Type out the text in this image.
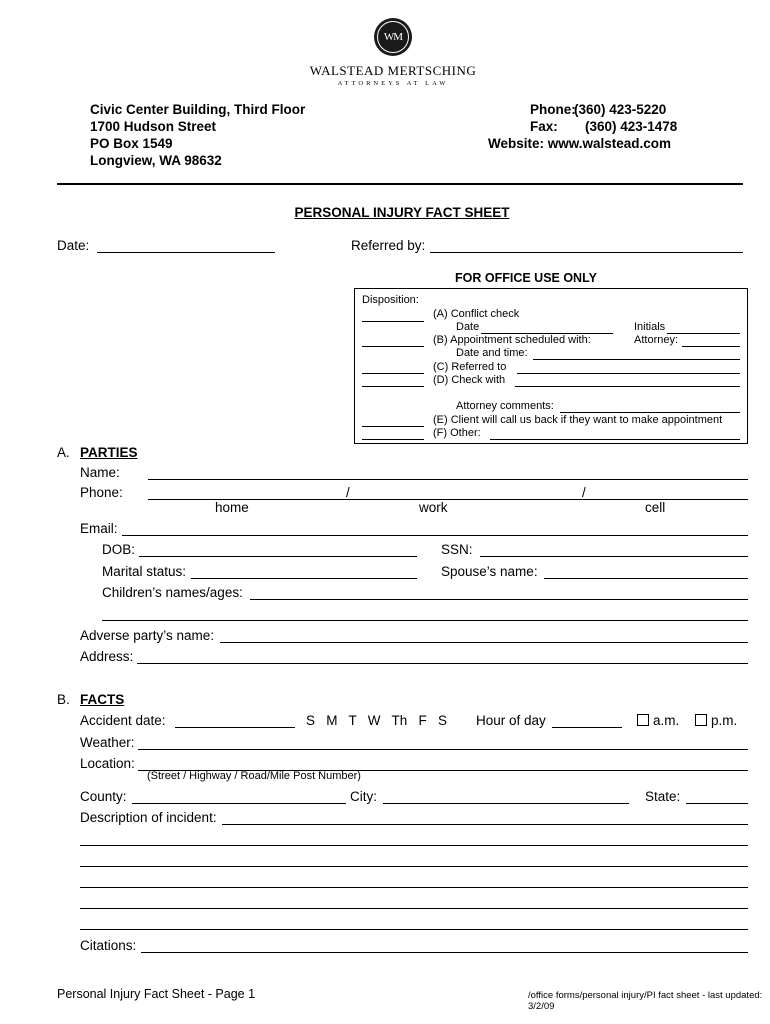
WM
WALSTEAD MERTSCHING
ATTORNEYS AT LAW
Civic Center Building, Third Floor
1700 Hudson Street
PO Box 1549
Longview, WA 98632
Phone:(360) 423-5220
Fax: (360) 423-1478
Website: www.walstead.com
PERSONAL INJURY FACT SHEET
Date:	Referred by:
FOR OFFICE USE ONLY
Disposition:
(A) Conflict check
Date	Initials
(B) Appointment scheduled with:	Attorney:
Date and time:
(C) Referred to
(D) Check with
Attorney comments:
(E) Client will call us back if they want to make appointment
(F) Other:
A. PARTIES
Name:
Phone:	/	/
home	work	cell
Email:
DOB:	SSN:
Marital status:	Spouse’s name:
Children’s names/ages:
Adverse party’s name:
Address:
B. FACTS
Accident date:	S   M   T   W   Th   F   S Hour of day	a.m.	p.m.
Weather:
Location:
(Street / Highway / Road/Mile Post Number)
County:	City:	State:
Description of incident:
Citations:
Personal Injury Fact Sheet - Page 1	/office forms/personal injury/PI fact sheet - last updated: 3/2/09
